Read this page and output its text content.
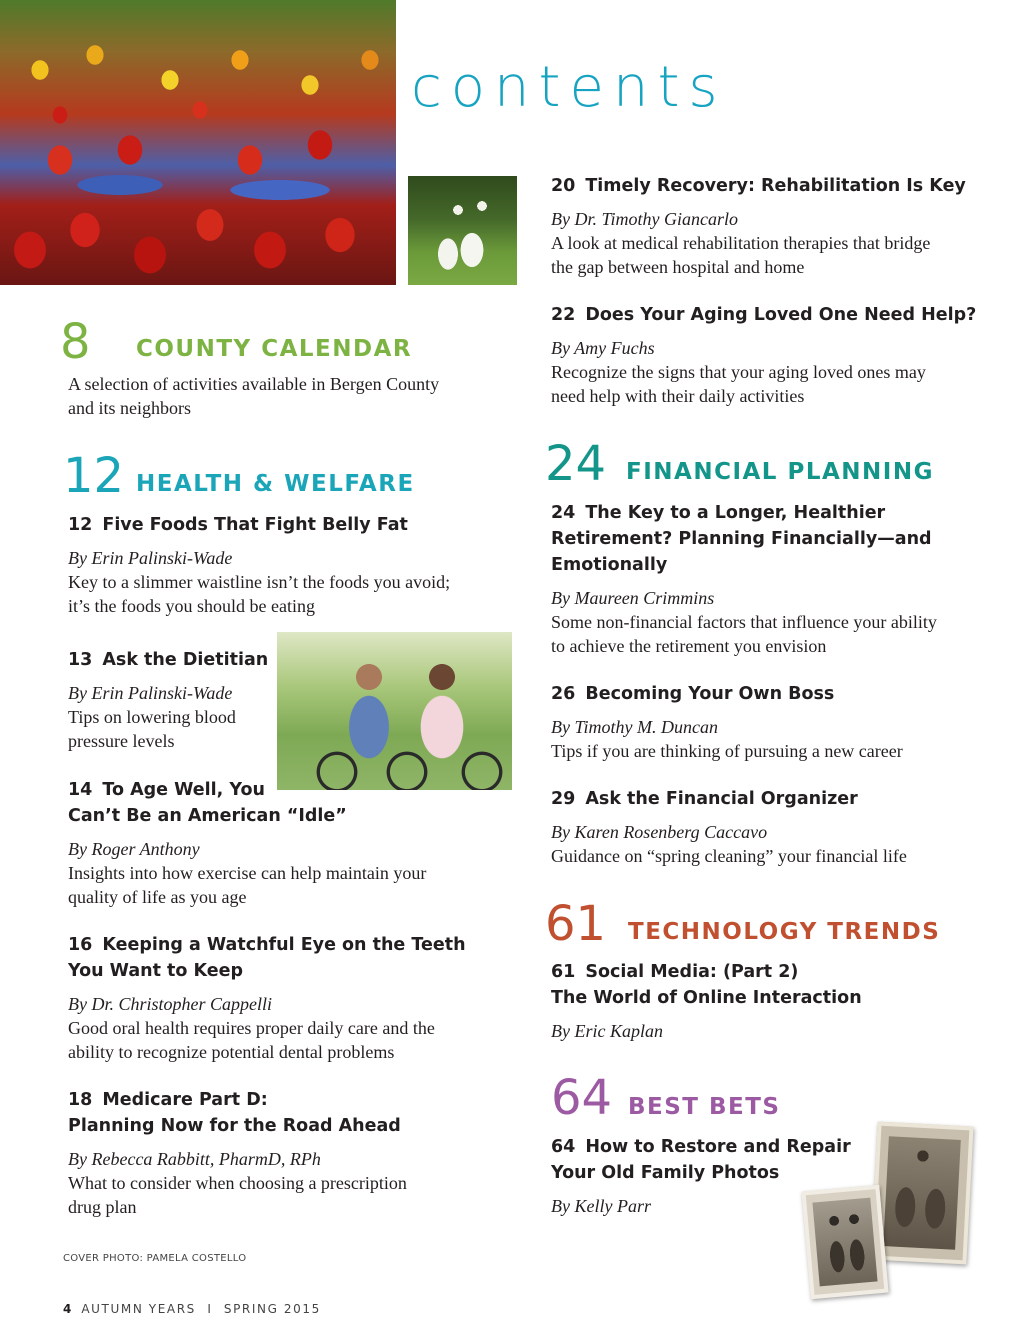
contents
8 COUNTY CALENDAR
A selection of activities available in Bergen County
and its neighbors
12 HEALTH & WELFARE
12 Five Foods That Fight Belly Fat
By Erin Palinski-Wade
Key to a slimmer waistline isn’t the foods you avoid;
it’s the foods you should be eating
13 Ask the Dietitian
By Erin Palinski-Wade
Tips on lowering blood
pressure levels
14 To Age Well, You
Can’t Be an American “Idle”
By Roger Anthony
Insights into how exercise can help maintain your
quality of life as you age
16 Keeping a Watchful Eye on the Teeth
You Want to Keep
By Dr. Christopher Cappelli
Good oral health requires proper daily care and the
ability to recognize potential dental problems
18 Medicare Part D:
Planning Now for the Road Ahead
By Rebecca Rabbitt, PharmD, RPh
What to consider when choosing a prescription
drug plan
20 Timely Recovery: Rehabilitation Is Key
By Dr. Timothy Giancarlo
A look at medical rehabilitation therapies that bridge
the gap between hospital and home
22 Does Your Aging Loved One Need Help?
By Amy Fuchs
Recognize the signs that your aging loved ones may
need help with their daily activities
24 FINANCIAL PLANNING
24 The Key to a Longer, Healthier
Retirement? Planning Financially—and
Emotionally
By Maureen Crimmins
Some non-financial factors that influence your ability
to achieve the retirement you envision
26 Becoming Your Own Boss
By Timothy M. Duncan
Tips if you are thinking of pursuing a new career
29 Ask the Financial Organizer
By Karen Rosenberg Caccavo
Guidance on “spring cleaning” your financial life
61 TECHNOLOGY TRENDS
61 Social Media: (Part 2)
The World of Online Interaction
By Eric Kaplan
64 BEST BETS
64 How to Restore and Repair
Your Old Family Photos
By Kelly Parr
COVER PHOTO: PAMELA COSTELLO
4 AUTUMN YEARS I SPRING 2015
